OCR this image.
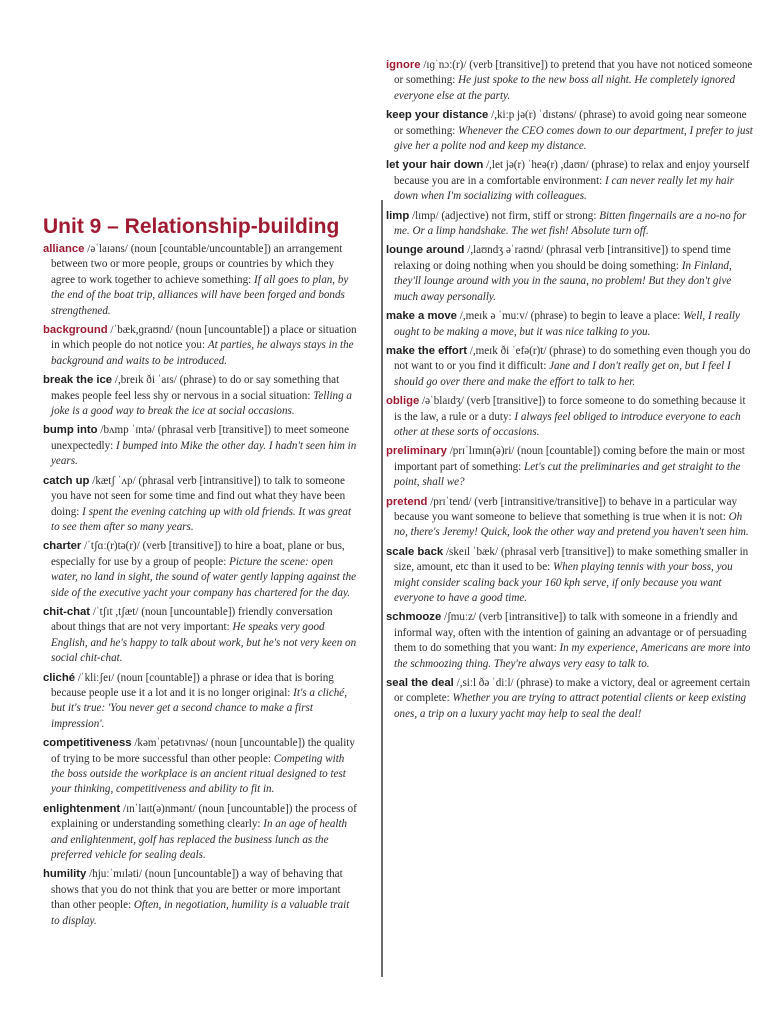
Unit 9 – Relationship-building

alliance /əˈlaɪəns/ (noun [countable/uncountable]) an arrangement between two or more people, groups or countries by which they agree to work together to achieve something: If all goes to plan, by the end of the boat trip, alliances will have been forged and bonds strengthened.

background /ˈbæk,ɡraʊnd/ (noun [uncountable]) a place or situation in which people do not notice you: At parties, he always stays in the background and waits to be introduced.

break the ice /,breɪk ði ˈaɪs/ (phrase) to do or say something that makes people feel less shy or nervous in a social situation: Telling a joke is a good way to break the ice at social occasions.

bump into /bʌmp ˈɪntə/ (phrasal verb [transitive]) to meet someone unexpectedly: I bumped into Mike the other day. I hadn't seen him in years.

catch up /kætʃ ˈʌp/ (phrasal verb [intransitive]) to talk to someone you have not seen for some time and find out what they have been doing: I spent the evening catching up with old friends. It was great to see them after so many years.

charter /ˈtʃɑː(r)tə(r)/ (verb [transitive]) to hire a boat, plane or bus, especially for use by a group of people: Picture the scene: open water, no land in sight, the sound of water gently lapping against the side of the executive yacht your company has chartered for the day.

chit-chat /ˈtʃɪt ,tʃæt/ (noun [uncountable]) friendly conversation about things that are not very important: He speaks very good English, and he's happy to talk about work, but he's not very keen on social chit-chat.

cliché /ˈkliːʃeɪ/ (noun [countable]) a phrase or idea that is boring because people use it a lot and it is no longer original: It's a cliché, but it's true: 'You never get a second chance to make a first impression'.

competitiveness /kəmˈpetətɪvnəs/ (noun [uncountable]) the quality of trying to be more successful than other people: Competing with the boss outside the workplace is an ancient ritual designed to test your thinking, competitiveness and ability to fit in.

enlightenment /ɪnˈlaɪt(ə)nmənt/ (noun [uncountable]) the process of explaining or understanding something clearly: In an age of health and enlightenment, golf has replaced the business lunch as the preferred vehicle for sealing deals.

humility /hjuːˈmɪləti/ (noun [uncountable]) a way of behaving that shows that you do not think that you are better or more important than other people: Often, in negotiation, humility is a valuable trait to display.

ignore /ɪɡˈnɔː(r)/ (verb [transitive]) to pretend that you have not noticed someone or something: He just spoke to the new boss all night. He completely ignored everyone else at the party.

keep your distance /,kiːp jə(r) ˈdɪstəns/ (phrase) to avoid going near someone or something: Whenever the CEO comes down to our department, I prefer to just give her a polite nod and keep my distance.

let your hair down /,let jə(r) ˈheə(r) ,daʊn/ (phrase) to relax and enjoy yourself because you are in a comfortable environment: I can never really let my hair down when I'm socializing with colleagues.

limp /lɪmp/ (adjective) not firm, stiff or strong: Bitten fingernails are a no-no for me. Or a limp handshake. The wet fish! Absolute turn off.

lounge around /,laʊndʒ əˈraʊnd/ (phrasal verb [intransitive]) to spend time relaxing or doing nothing when you should be doing something: In Finland, they'll lounge around with you in the sauna, no problem! But they don't give much away personally.

make a move /,meɪk ə ˈmuːv/ (phrase) to begin to leave a place: Well, I really ought to be making a move, but it was nice talking to you.

make the effort /,meɪk ði ˈefə(r)t/ (phrase) to do something even though you do not want to or you find it difficult: Jane and I don't really get on, but I feel I should go over there and make the effort to talk to her.

oblige /əˈblaɪdʒ/ (verb [transitive]) to force someone to do something because it is the law, a rule or a duty: I always feel obliged to introduce everyone to each other at these sorts of occasions.

preliminary /prɪˈlɪmɪn(ə)ri/ (noun [countable]) coming before the main or most important part of something: Let's cut the preliminaries and get straight to the point, shall we?

pretend /prɪˈtend/ (verb [intransitive/transitive]) to behave in a particular way because you want someone to believe that something is true when it is not: Oh no, there's Jeremy! Quick, look the other way and pretend you haven't seen him.

scale back /skeɪl ˈbæk/ (phrasal verb [transitive]) to make something smaller in size, amount, etc than it used to be: When playing tennis with your boss, you might consider scaling back your 160 kph serve, if only because you want everyone to have a good time.

schmooze /ʃmuːz/ (verb [intransitive]) to talk with someone in a friendly and informal way, often with the intention of gaining an advantage or of persuading them to do something that you want: In my experience, Americans are more into the schmoozing thing. They're always very easy to talk to.

seal the deal /,siːl ðə ˈdiːl/ (phrase) to make a victory, deal or agreement certain or complete: Whether you are trying to attract potential clients or keep existing ones, a trip on a luxury yacht may help to seal the deal!
